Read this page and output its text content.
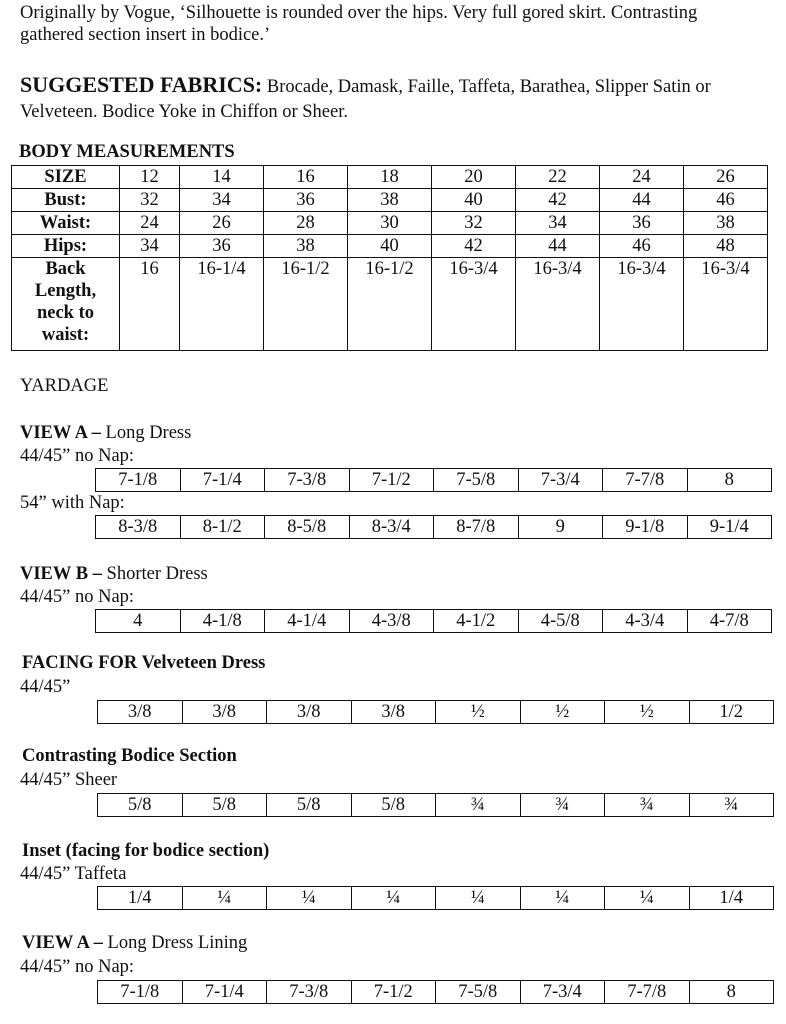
Originally by Vogue, ‘Silhouette is rounded over the hips. Very full gored skirt. Contrasting
gathered section insert in bodice.’
SUGGESTED FABRICS: Brocade, Damask, Faille, Taffeta, Barathea, Slipper Satin or
Velveteen. Bodice Yoke in Chiffon or Sheer.
BODY MEASUREMENTS
SIZE	12	14	16	18	20	22	24	26
Bust:	32	34	36	38	40	42	44	46
Waist:	24	26	28	30	32	34	36	38
Hips:	34	36	38	40	42	44	46	48
Back Length, neck to waist:	16	16-1/4	16-1/2	16-1/2	16-3/4	16-3/4	16-3/4	16-3/4
YARDAGE
VIEW A – Long Dress
44/45” no Nap:
7-1/8	7-1/4	7-3/8	7-1/2	7-5/8	7-3/4	7-7/8	8
54” with Nap:
8-3/8	8-1/2	8-5/8	8-3/4	8-7/8	9	9-1/8	9-1/4
VIEW B – Shorter Dress
44/45” no Nap:
4	4-1/8	4-1/4	4-3/8	4-1/2	4-5/8	4-3/4	4-7/8
FACING FOR Velveteen Dress
44/45”
3/8	3/8	3/8	3/8	½	½	½	1/2
Contrasting Bodice Section
44/45” Sheer
5/8	5/8	5/8	5/8	¾	¾	¾	¾
Inset (facing for bodice section)
44/45” Taffeta
1/4	¼	¼	¼	¼	¼	¼	1/4
VIEW A – Long Dress Lining
44/45” no Nap:
7-1/8	7-1/4	7-3/8	7-1/2	7-5/8	7-3/4	7-7/8	8
